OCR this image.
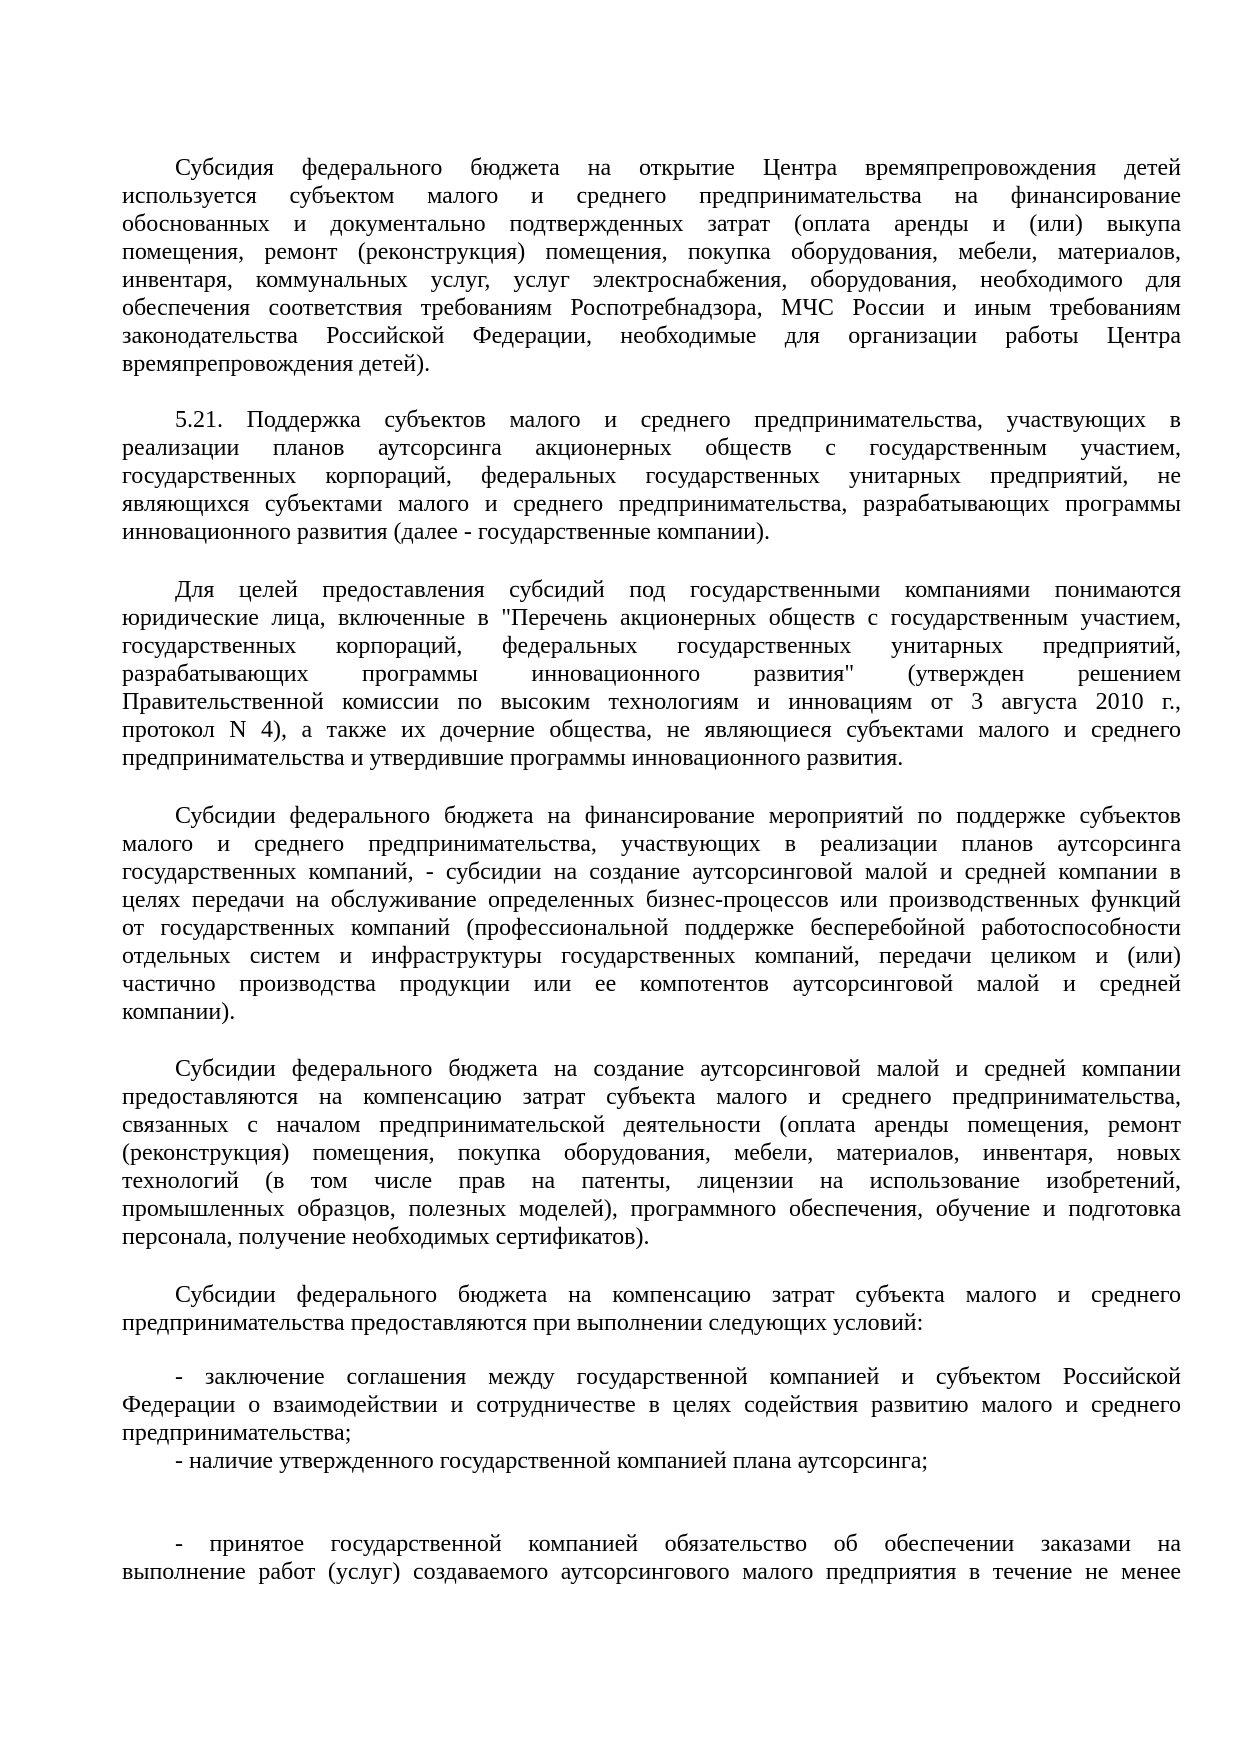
Субсидия федерального бюджета на открытие Центра времяпрепровождения детей
используется субъектом малого и среднего предпринимательства на финансирование
обоснованных и документально подтвержденных затрат (оплата аренды и (или) выкупа
помещения, ремонт (реконструкция) помещения, покупка оборудования, мебели, материалов,
инвентаря, коммунальных услуг, услуг электроснабжения, оборудования, необходимого для
обеспечения соответствия требованиям Роспотребнадзора, МЧС России и иным требованиям
законодательства Российской Федерации, необходимые для организации работы Центра
времяпрепровождения детей).
5.21. Поддержка субъектов малого и среднего предпринимательства, участвующих в
реализации планов аутсорсинга акционерных обществ с государственным участием,
государственных корпораций, федеральных государственных унитарных предприятий, не
являющихся субъектами малого и среднего предпринимательства, разрабатывающих программы
инновационного развития (далее - государственные компании).
Для целей предоставления субсидий под государственными компаниями понимаются
юридические лица, включенные в "Перечень акционерных обществ с государственным участием,
государственных корпораций, федеральных государственных унитарных предприятий,
разрабатывающих программы инновационного развития" (утвержден решением
Правительственной комиссии по высоким технологиям и инновациям от 3 августа 2010 г.,
протокол N 4), а также их дочерние общества, не являющиеся субъектами малого и среднего
предпринимательства и утвердившие программы инновационного развития.
Субсидии федерального бюджета на финансирование мероприятий по поддержке субъектов
малого и среднего предпринимательства, участвующих в реализации планов аутсорсинга
государственных компаний, - субсидии на создание аутсорсинговой малой и средней компании в
целях передачи на обслуживание определенных бизнес-процессов или производственных функций
от государственных компаний (профессиональной поддержке бесперебойной работоспособности
отдельных систем и инфраструктуры государственных компаний, передачи целиком и (или)
частично производства продукции или ее компотентов аутсорсинговой малой и средней
компании).
Субсидии федерального бюджета на создание аутсорсинговой малой и средней компании
предоставляются на компенсацию затрат субъекта малого и среднего предпринимательства,
связанных с началом предпринимательской деятельности (оплата аренды помещения, ремонт
(реконструкция) помещения, покупка оборудования, мебели, материалов, инвентаря, новых
технологий (в том числе прав на патенты, лицензии на использование изобретений,
промышленных образцов, полезных моделей), программного обеспечения, обучение и подготовка
персонала, получение необходимых сертификатов).
Субсидии федерального бюджета на компенсацию затрат субъекта малого и среднего
предпринимательства предоставляются при выполнении следующих условий:
- заключение соглашения между государственной компанией и субъектом Российской
Федерации о взаимодействии и сотрудничестве в целях содействия развитию малого и среднего
предпринимательства;
- наличие утвержденного государственной компанией плана аутсорсинга;
- принятое государственной компанией обязательство об обеспечении заказами на
выполнение работ (услуг) создаваемого аутсорсингового малого предприятия в течение не менее
